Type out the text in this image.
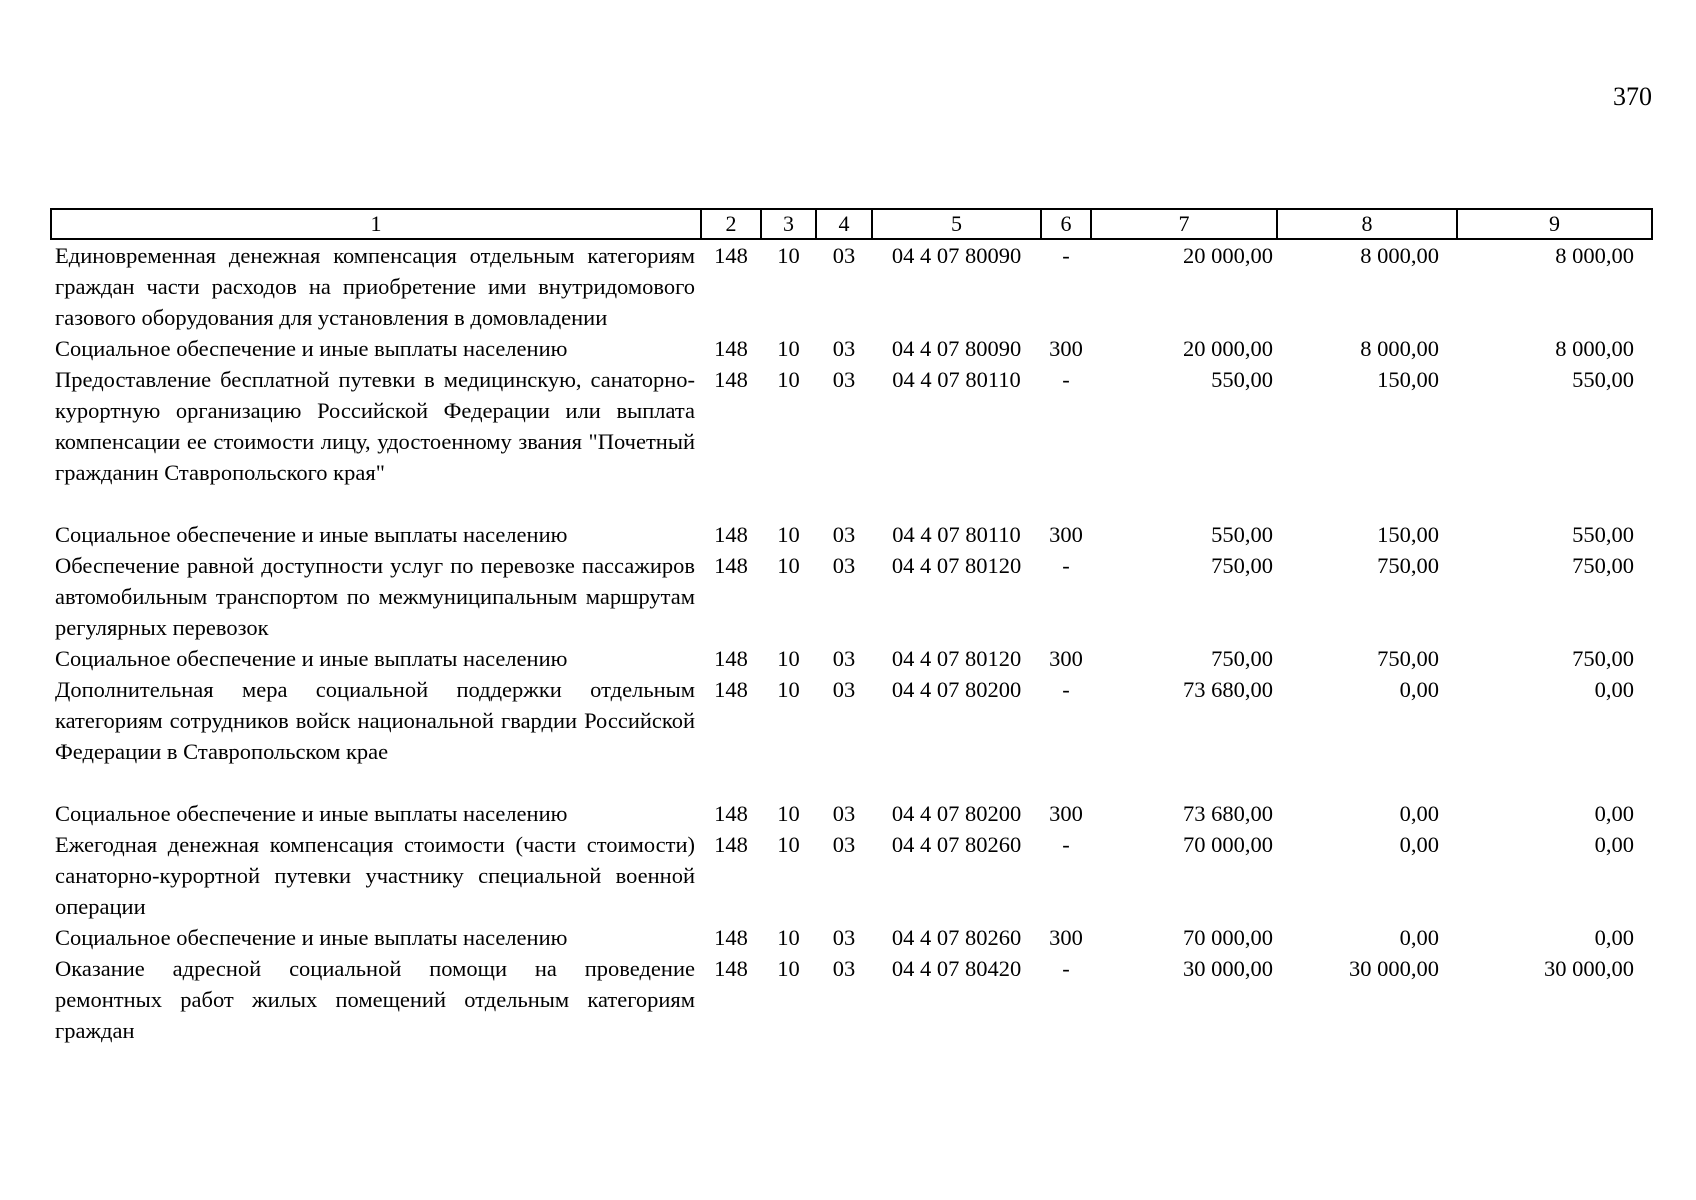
370
1	2	3	4	5	6	7	8	9
Единовременная денежная компенсация отдельным категориям граждан части расходов на приобретение ими внутридомового газового оборудования для установления в домовладении	148	10	03	04 4 07 80090	-	20 000,00	8 000,00	8 000,00
Социальное обеспечение и иные выплаты населению	148	10	03	04 4 07 80090	300	20 000,00	8 000,00	8 000,00
Предоставление бесплатной путевки в медицинскую, санаторно-курортную организацию Российской Федерации или выплата компенсации ее стоимости лицу, удостоенному звания "Почетный гражданин Ставропольского края"	148	10	03	04 4 07 80110	-	550,00	150,00	550,00
Социальное обеспечение и иные выплаты населению	148	10	03	04 4 07 80110	300	550,00	150,00	550,00
Обеспечение равной доступности услуг по перевозке пассажиров автомобильным транспортом по межмуниципальным маршрутам регулярных перевозок	148	10	03	04 4 07 80120	-	750,00	750,00	750,00
Социальное обеспечение и иные выплаты населению	148	10	03	04 4 07 80120	300	750,00	750,00	750,00
Дополнительная мера социальной поддержки отдельным категориям сотрудников войск национальной гвардии Российской Федерации в Ставропольском крае	148	10	03	04 4 07 80200	-	73 680,00	0,00	0,00
Социальное обеспечение и иные выплаты населению	148	10	03	04 4 07 80200	300	73 680,00	0,00	0,00
Ежегодная денежная компенсация стоимости (части стоимости) санаторно-курортной путевки участнику специальной военной операции	148	10	03	04 4 07 80260	-	70 000,00	0,00	0,00
Социальное обеспечение и иные выплаты населению	148	10	03	04 4 07 80260	300	70 000,00	0,00	0,00
Оказание адресной социальной помощи на проведение ремонтных работ жилых помещений отдельным категориям граждан	148	10	03	04 4 07 80420	-	30 000,00	30 000,00	30 000,00
